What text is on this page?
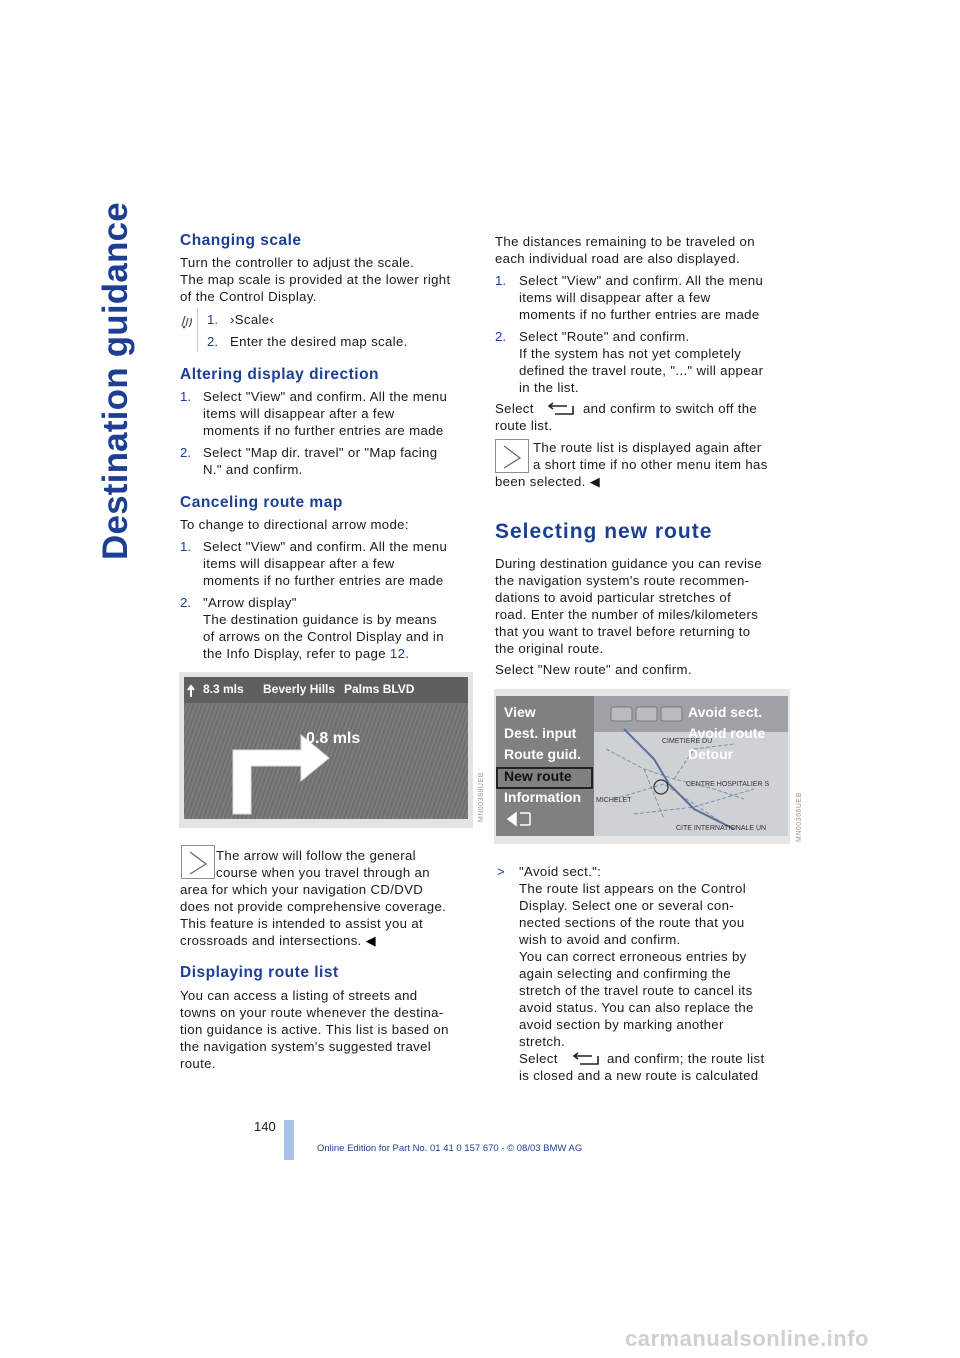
Destination guidance	Changing scale

Turn the controller to adjust the scale.

The map scale is provided at the lower right

of the Control Display.

1. ›Scale‹
2. Enter the desired map scale.
Altering display direction
1. Select "View" and confirm. All the menu
items will disappear after a few
moments if no further entries are made
2. Select "Map dir. travel" or "Map facing
N." and confirm.
Canceling route map
To change to directional arrow mode:
1. Select "View" and confirm. All the menu
items will disappear after a few
moments if no further entries are made
2. "Arrow display"
The destination guidance is by means
of arrows on the Control Display and in
the Info Display, refer to page 12.
8.3 mls Beverly Hills Palms BLVD
0.8 mls
MN00388UEB
The arrow will follow the general
course when you travel through an
area for which your navigation CD/DVD
does not provide comprehensive coverage.
This feature is intended to assist you at
crossroads and intersections. ◀
Displaying route list
You can access a listing of streets and
towns on your route whenever the destina-
tion guidance is active. This list is based on
the navigation system's suggested travel
route.
The distances remaining to be traveled on
each individual road are also displayed.
1. Select "View" and confirm. All the menu
items will disappear after a few
moments if no further entries are made
2. Select "Route" and confirm.
If the system has not yet completely
defined the travel route, "..." will appear
in the list.
Select	and confirm to switch off the
route list.
The route list is displayed again after
a short time if no other menu item has
been selected. ◀
Selecting new route
During destination guidance you can revise
the navigation system's route recommen-
dations to avoid particular stretches of
road. Enter the number of miles/kilometers
that you want to travel before returning to
the original route.
Select "New route" and confirm.
View
Dest. input
Route guid.
New route
Information
Avoid sect.
Avoid route
Detour
CIMETIERE DU
CENTRE HOSPITALIER S
MICHELET
CITE INTERNATIONALE UN	MN00366UEB
> "Avoid sect.":
The route list appears on the Control
Display. Select one or several con-
nected sections of the route that you
wish to avoid and confirm.
You can correct erroneous entries by
again selecting and confirming the
stretch of the travel route to cancel its
avoid status. You can also replace the
avoid section by marking another
stretch.
Select	and confirm; the route list
is closed and a new route is calculated
140
Online Edition for Part No. 01 41 0 157 670 - © 08/03 BMW AG
carmanualsonline.info
